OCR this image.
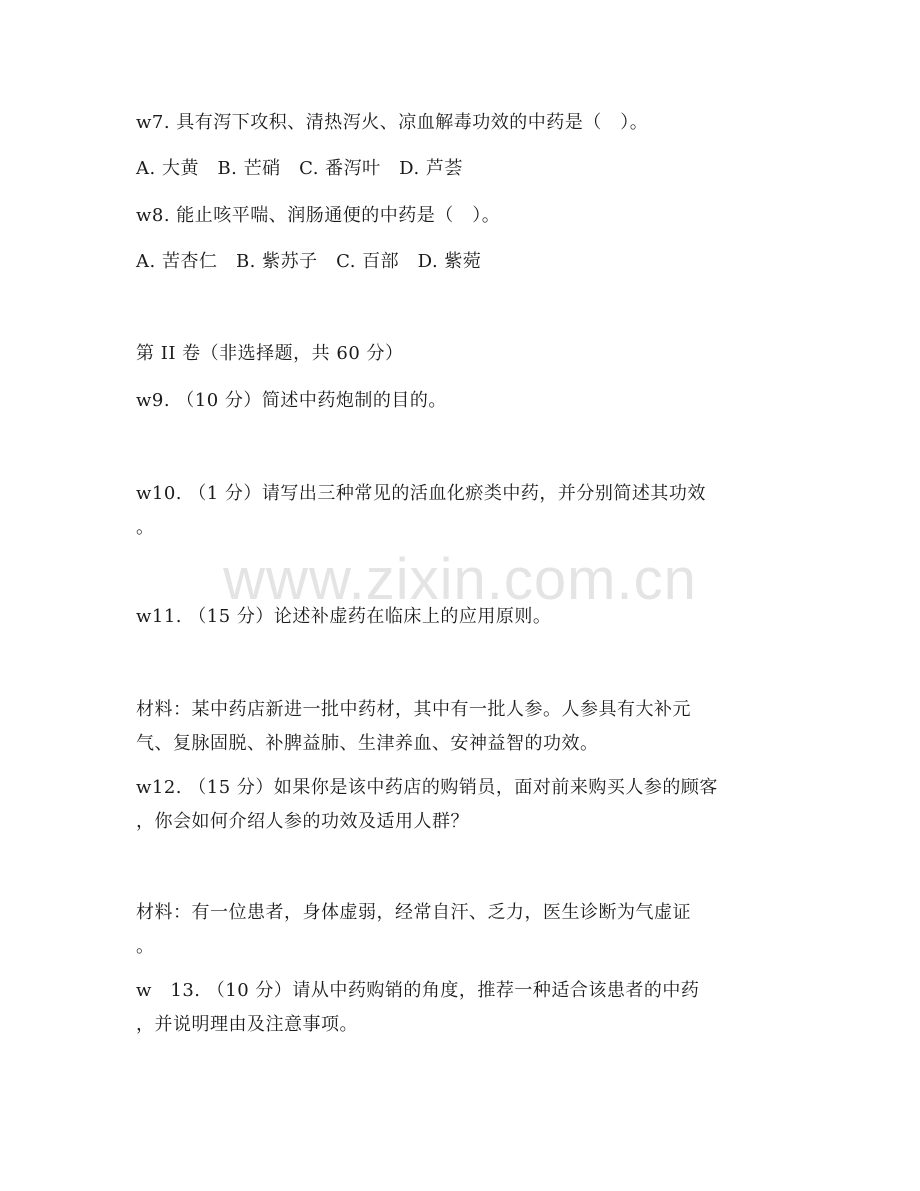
www.zixin.com.cn
w7. 具有泻下攻积、清热泻火、凉血解毒功效的中药是（　）。
A. 大黄　B. 芒硝　C. 番泻叶　D. 芦荟
w8. 能止咳平喘、润肠通便的中药是（　）。
A. 苦杏仁　B. 紫苏子　C. 百部　D. 紫菀
第 II 卷（非选择题，共 60 分）
w9. （10 分）简述中药炮制的目的。
w10. （1 分）请写出三种常见的活血化瘀类中药，并分别简述其功效
。
w11. （15 分）论述补虚药在临床上的应用原则。
材料：某中药店新进一批中药材，其中有一批人参。人参具有大补元
气、复脉固脱、补脾益肺、生津养血、安神益智的功效。
w12. （15 分）如果你是该中药店的购销员，面对前来购买人参的顾客
，你会如何介绍人参的功效及适用人群？
材料：有一位患者，身体虚弱，经常自汗、乏力，医生诊断为气虚证
。
w　13. （10 分）请从中药购销的角度，推荐一种适合该患者的中药
，并说明理由及注意事项。
